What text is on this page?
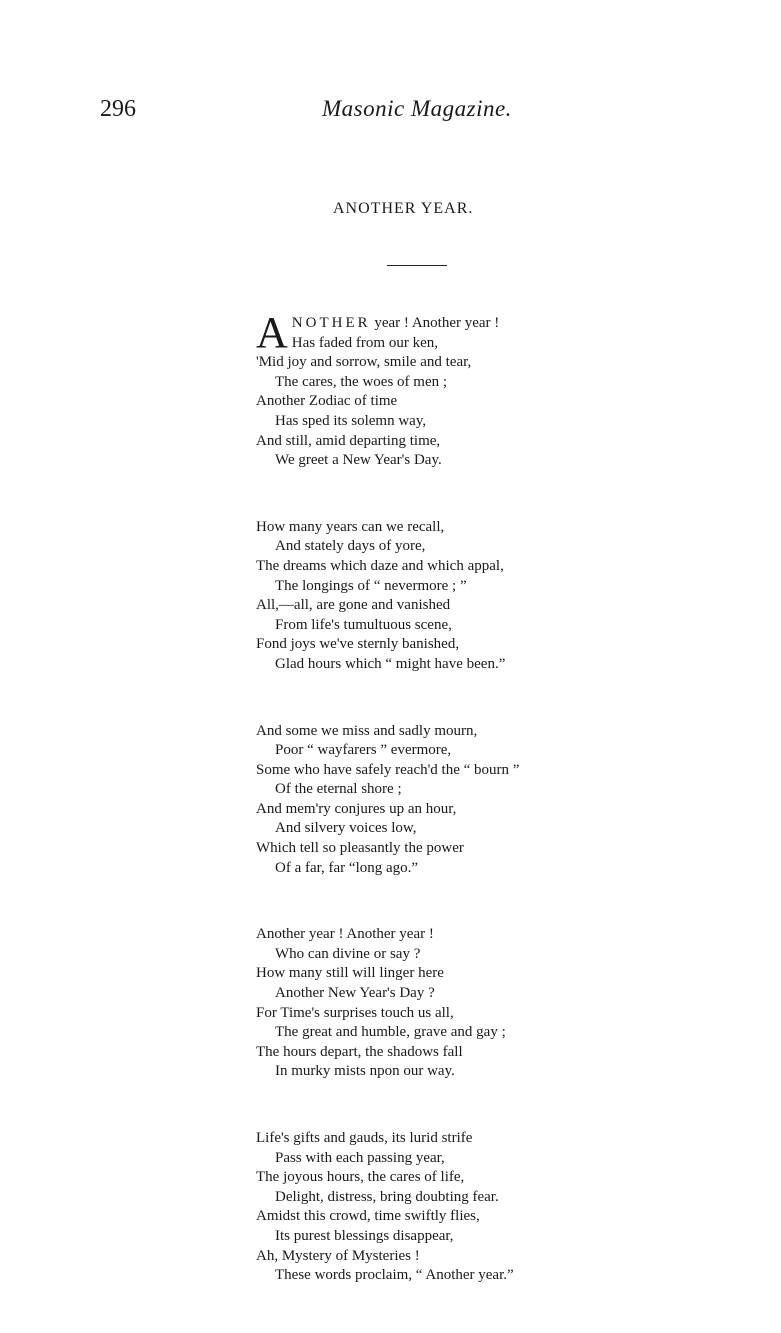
296	Masonic Magazine.
ANOTHER YEAR.
A NOTHER year ! Another year !
Has faded from our ken,
'Mid joy and sorrow, smile and tear,
The cares, the woes of men ;
Another Zodiac of time
Has sped its solemn way,
And still, amid departing time,
We greet a New Year's Day.
How many years can we recall,
And stately days of yore,
The dreams which daze and which appal,
The longings of “ nevermore ; ”
All,—all, are gone and vanished
From life's tumultuous scene,
Fond joys we've sternly banished,
Glad hours which “ might have been.”
And some we miss and sadly mourn,
Poor “ wayfarers ” evermore,
Some who have safely reach'd the “ bourn ”
Of the eternal shore ;
And mem'ry conjures up an hour,
And silvery voices low,
Which tell so pleasantly the power
Of a far, far “long ago.”
Another year ! Another year !
Who can divine or say ?
How many still will linger here
Another New Year's Day ?
For Time's surprises touch us all,
The great and humble, grave and gay ;
The hours depart, the shadows fall
In murky mists npon our way.
Life's gifts and gauds, its lurid strife
Pass with each passing year,
The joyous hours, the cares of life,
Delight, distress, bring doubting fear.
Amidst this crowd, time swiftly flies,
Its purest blessings disappear,
Ah, Mystery of Mysteries !
These words proclaim, “ Another year.”
